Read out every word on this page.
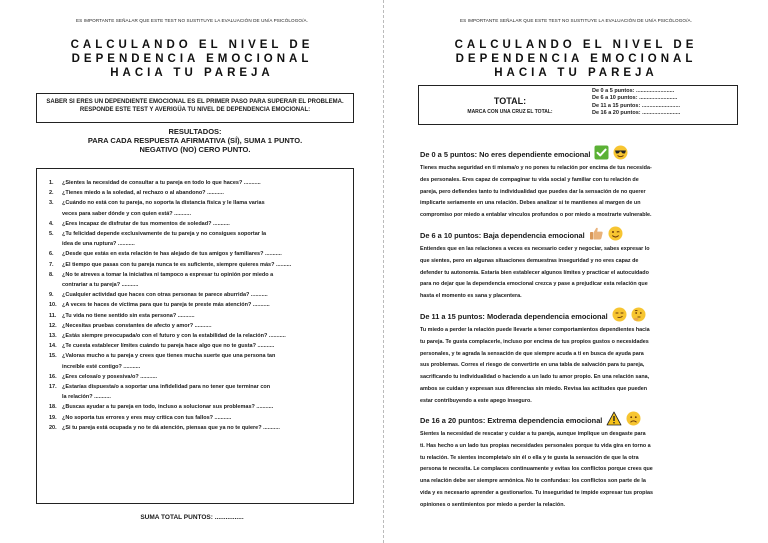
ES IMPORTANTE SEÑALAR QUE ESTE TEST NO SUSTITUYE LA EVALUACIÓN DE UN/A PSICÓLOGO/A.
CALCULANDO EL NIVEL DE
DEPENDENCIA EMOCIONAL
HACIA TU PAREJA
SABER SI ERES UN DEPENDIENTE EMOCIONAL ES EL PRIMER PASO PARA SUPERAR EL PROBLEMA. RESPONDE ESTE TEST Y AVERIGÜA TU NIVEL DE DEPENDENCIA EMOCIONAL:
RESULTADOS:
PARA CADA RESPUESTA AFIRMATIVA (SÍ), SUMA 1 PUNTO.
NEGATIVO (NO) CERO PUNTO.
1. ¿Sientes la necesidad de consultar a tu pareja en todo lo que haces? ...........
2. ¿Tienes miedo a la soledad, al rechazo o al abandono? ...........
3. ¿Cuándo no está con tu pareja, no soporta la distancia física y le llama varias
veces para saber dónde y con quien está? ...........
4. ¿Eres incapaz de disfrutar de tus momentos de soledad? ...........
5. ¿Tu felicidad depende exclusivamente de tu pareja y no consigues soportar la
idea de una ruptura? ...........
6. ¿Desde que estás en esta relación te has alejado de tus amigos y familiares? ...........
7. ¿El tiempo que pasas con tu pareja nunca te es suficiente, siempre quieres más? ..........
8. ¿No te atreves a tomar la iniciativa ni tampoco a expresar tu opinión por miedo a
contrariar a tu pareja? ...........
9. ¿Cualquier actividad que haces con otras personas te parece aburrida? ...........
10. ¿A veces te haces de víctima para que tu pareja te preste más atención? ...........
11. ¿Tu vida no tiene sentido sin esta persona? ...........
12. ¿Necesitas pruebas constantes de afecto y amor? ...........
13. ¿Estás siempre preocupada/o con el futuro y con la estabilidad de la relación? ...........
14. ¿Te cuesta establecer límites cuándo tu pareja hace algo que no te gusta? ...........
15. ¿Valoras mucho a tu pareja y crees que tienes mucha suerte que una persona tan
increíble esté contigo? ...........
16. ¿Eres celosa/o y posesiva/o? ...........
17. ¿Estarías dispuesta/o a soportar una infidelidad para no tener que terminar con
la relación? ...........
18. ¿Buscas ayudar a tu pareja en todo, incluso a solucionar sus problemas? ...........
19. ¿No soporta tus errores y eres muy crítica con tus fallos? ...........
20. ¿Si tu pareja está ocupada y no te dá atención, piensas que ya no te quiere? ...........
SUMA TOTAL PUNTOS: ................
ES IMPORTANTE SEÑALAR QUE ESTE TEST NO SUSTITUYE LA EVALUACIÓN DE UN/A PSICÓLOGO/A.
CALCULANDO EL NIVEL DE
DEPENDENCIA EMOCIONAL
HACIA TU PAREJA
TOTAL:
MARCA CON UNA CRUZ EL TOTAL:
De 0 a 5 puntos: .........................
De 6 a 10 puntos: .........................
De 11 a 15 puntos: .........................
De 16 a 20 puntos: .........................
De 0 a 5 puntos: No eres dependiente emocional

Tienes mucha seguridad en ti misma/o y no pones tu relación por encima de tus necesida-

des personales. Eres capaz de compaginar tu vida social y familiar con tu relación de

pareja, pero defiendes tanto tu individualidad que puedes dar la sensación de no querer

implicarte seriamente en una relación. Debes analizar si te mantienes al margen de un

compromiso por miedo a entablar vínculos profundos o por miedo a mostrarte vulnerable.

De 6 a 10 puntos: Baja dependencia emocional

Entiendes que en las relaciones a veces es necesario ceder y negociar, sabes expresar lo

que sientes, pero en algunas situaciones demuestras inseguridad y no eres capaz de

defender tu autonomía. Estaría bien establecer algunos límites y practicar el autocuidado

para no dejar que la dependencia emocional crezca y pase a prejudicar esta relación que

hasta el momento es sana y placentera.

De 11 a 15 puntos: Moderada dependencia emocional

Tu miedo a perder la relación puede llevarte a tener comportamientos dependientes hacia

tu pareja. Te gusta complacerle, incluso por encima de tus propios gustos o necesidades

personales, y te agrada la sensación de que siempre acuda a ti en busca de ayuda para

sus problemas. Corres el riesgo de convertirte en una tabla de salvación para tu pareja,

sacrificando tu individualidad o haciendo a un lado tu amor propio. En una relación sana,

ambos se cuidan y expresan sus diferencias sin miedo. Revisa las actitudes que pueden

estar contribuyendo a este apego inseguro.

De 16 a 20 puntos: Extrema dependencia emocional

Sientes la necesidad de rescatar y cuidar a tu pareja, aunque implique un desgaste para

ti. Has hecho a un lado tus propias necesidades personales porque tu vida gira en torno a

tu relación. Te sientes incompleta/o sin él o ella y te gusta la sensación de que la otra

persona te necesita. Le complaces continuamente y evitas los conflictos porque crees que

una relación debe ser siempre armónica. No te confundas: los conflictos son parte de la

vida y es necesario aprender a gestionarlos. Tu inseguridad te impide expresar tus propias

opiniones o sentimientos por miedo a perder la relación.
